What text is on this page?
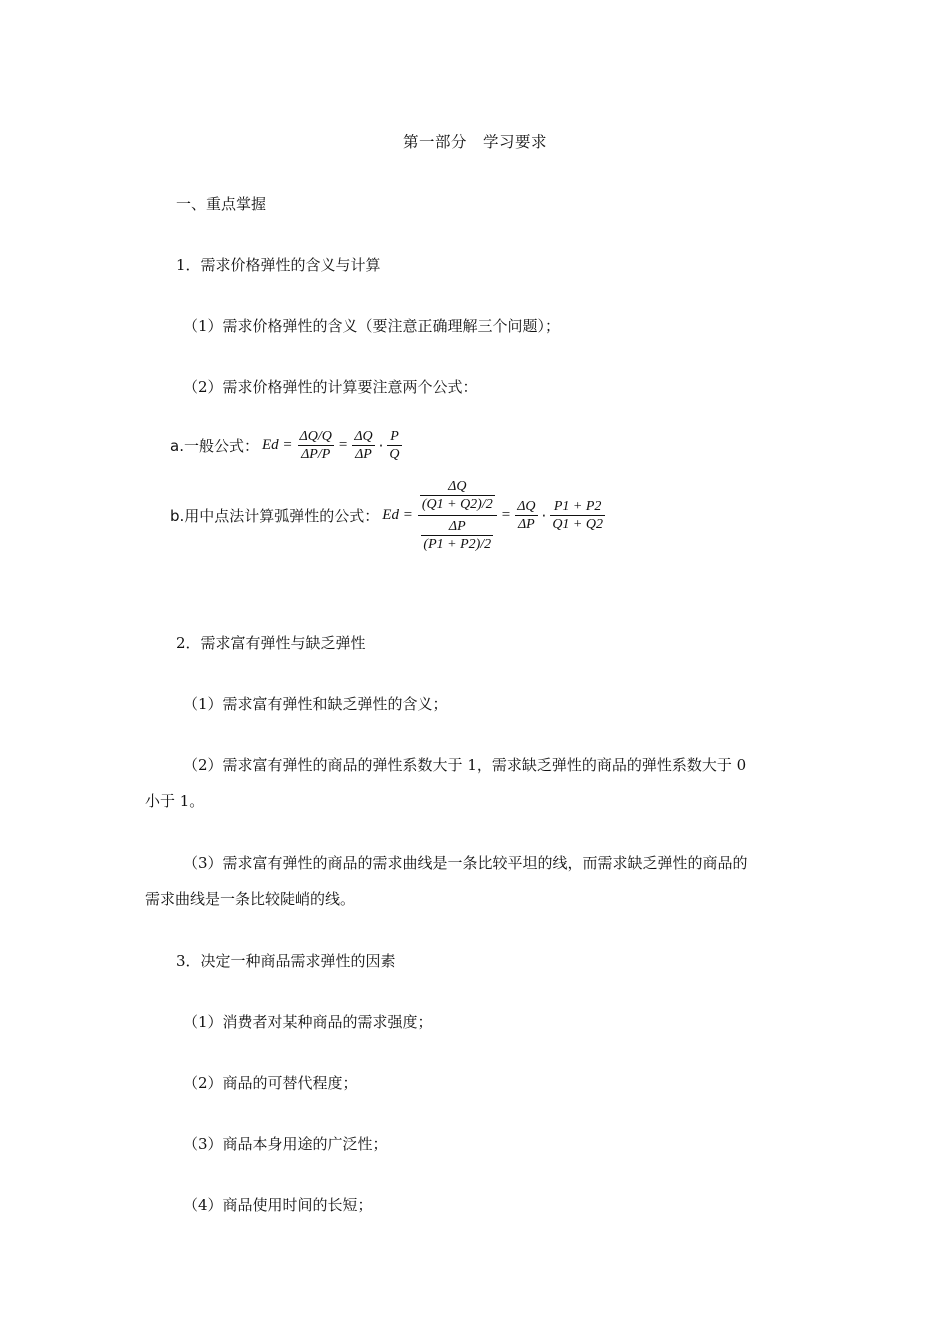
第一部分　学习要求
一、重点掌握
1．需求价格弹性的含义与计算
（1）需求价格弹性的含义（要注意正确理解三个问题）；
（2）需求价格弹性的计算要注意两个公式：
a.一般公式： $Ed = \frac{\Delta Q/Q}{\Delta P/P} = \frac{\Delta Q}{\Delta P} \cdot \frac{P}{Q}$
b.用中点法计算弧弹性的公式： $Ed = \frac{\frac{\Delta Q}{(Q1 + Q2)/2}}{\frac{\Delta P}{(P1 + P2)/2}} = \frac{\Delta Q}{\Delta P} \cdot \frac{P1 + P2}{Q1 + Q2}$
2．需求富有弹性与缺乏弹性
（1）需求富有弹性和缺乏弹性的含义；
（2）需求富有弹性的商品的弹性系数大于 1，需求缺乏弹性的商品的弹性系数大于 0
小于 1。
（3）需求富有弹性的商品的需求曲线是一条比较平坦的线，而需求缺乏弹性的商品的
需求曲线是一条比较陡峭的线。
3．决定一种商品需求弹性的因素
（1）消费者对某种商品的需求强度；
（2）商品的可替代程度；
（3）商品本身用途的广泛性；
（4）商品使用时间的长短；
